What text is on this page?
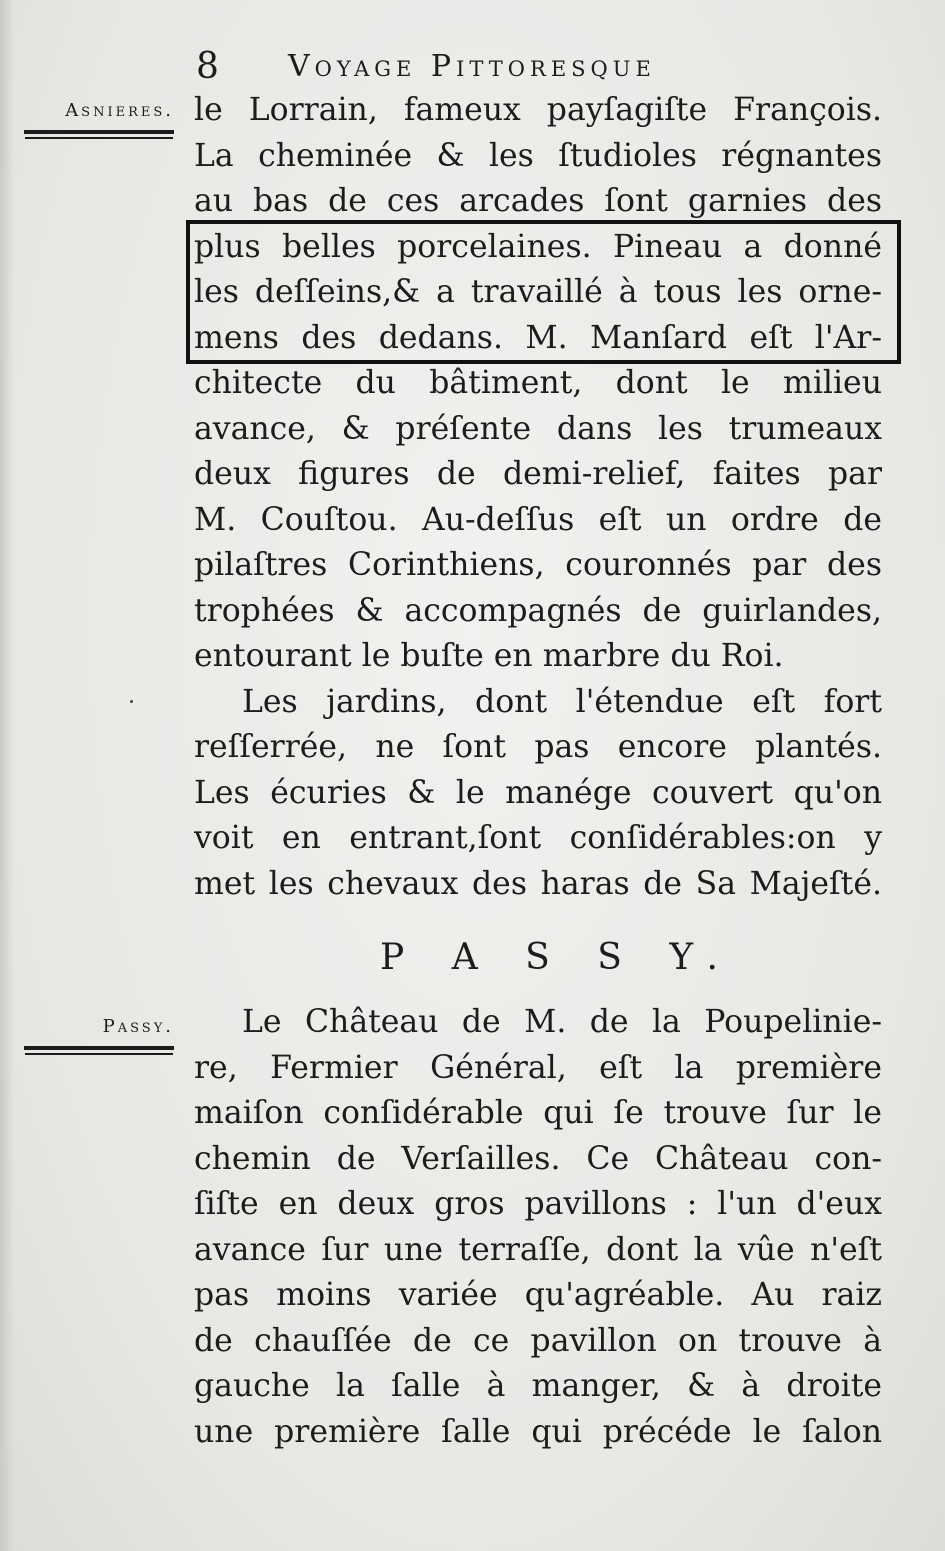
8 Voyage Pittoresque
Asnieres. le Lorrain, fameux payſagiſte François.
La cheminée & les ſtudioles régnantes
au bas de ces arcades ſont garnies des
plus belles porcelaines. Pineau a donné
les deſſeins,& a travaillé à tous les orne-
mens des dedans. M. Manſard eſt l'Ar-
chitecte du bâtiment, dont le milieu
avance, & préſente dans les trumeaux
deux figures de demi-relief, faites par
M. Couſtou. Au-deſſus eſt un ordre de
pilaſtres Corinthiens, couronnés par des
trophées & accompagnés de guirlandes,
entourant le buſte en marbre du Roi.
Les jardins, dont l'étendue eſt fort
reſſerrée, ne ſont pas encore plantés.
Les écuries & le manége couvert qu'on
voit en entrant,ſont conſidérables:on y
met les chevaux des haras de Sa Majeſté.
P A S S Y.
Passy.	Le Château de M. de la Poupelinie-
re, Fermier Général, eſt la première
maiſon conſidérable qui ſe trouve ſur le
chemin de Verſailles. Ce Château con-
ſiſte en deux gros pavillons : l'un d'eux
avance ſur une terraſſe, dont la vûe n'eſt
pas moins variée qu'agréable. Au raiz
de chauſſée de ce pavillon on trouve à
gauche la ſalle à manger, & à droite
une première ſalle qui précéde le ſalon
